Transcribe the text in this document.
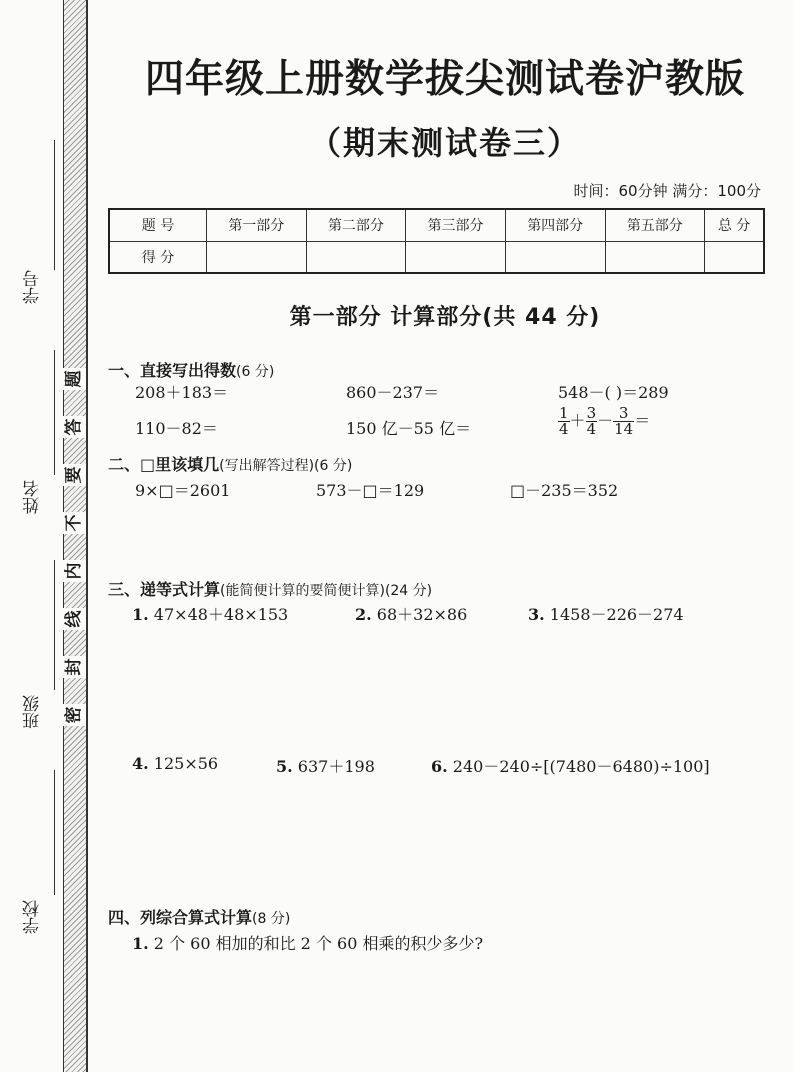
学号
姓名
班级
学校
题
答
要
不
内
线
封
密
四年级上册数学拔尖测试卷沪教版
（期末测试卷三）
时间：60分钟 满分：100分
题 号	第一部分	第二部分	第三部分	第四部分	第五部分	总 分
得 分						
第一部分 计算部分(共 44 分)
一、直接写出得数(6 分)
208＋183＝	860－237＝	548－( )＝289
110－82＝	150 亿－55 亿＝	$\frac{1}{4} + \frac{3}{4} - \frac{3}{14}$ ＝
二、□里该填几(写出解答过程)(6 分)
9×□＝2601	573－□＝129	□－235＝352
三、递等式计算(能简便计算的要简便计算)(24 分)
1. 47×48＋48×153	2. 68＋32×86	3. 1458－226－274
4. 125×56	5. 637＋198	6. 240－240÷[(7480－6480)÷100]
四、列综合算式计算(8 分)
1. 2 个 60 相加的和比 2 个 60 相乘的积少多少?
